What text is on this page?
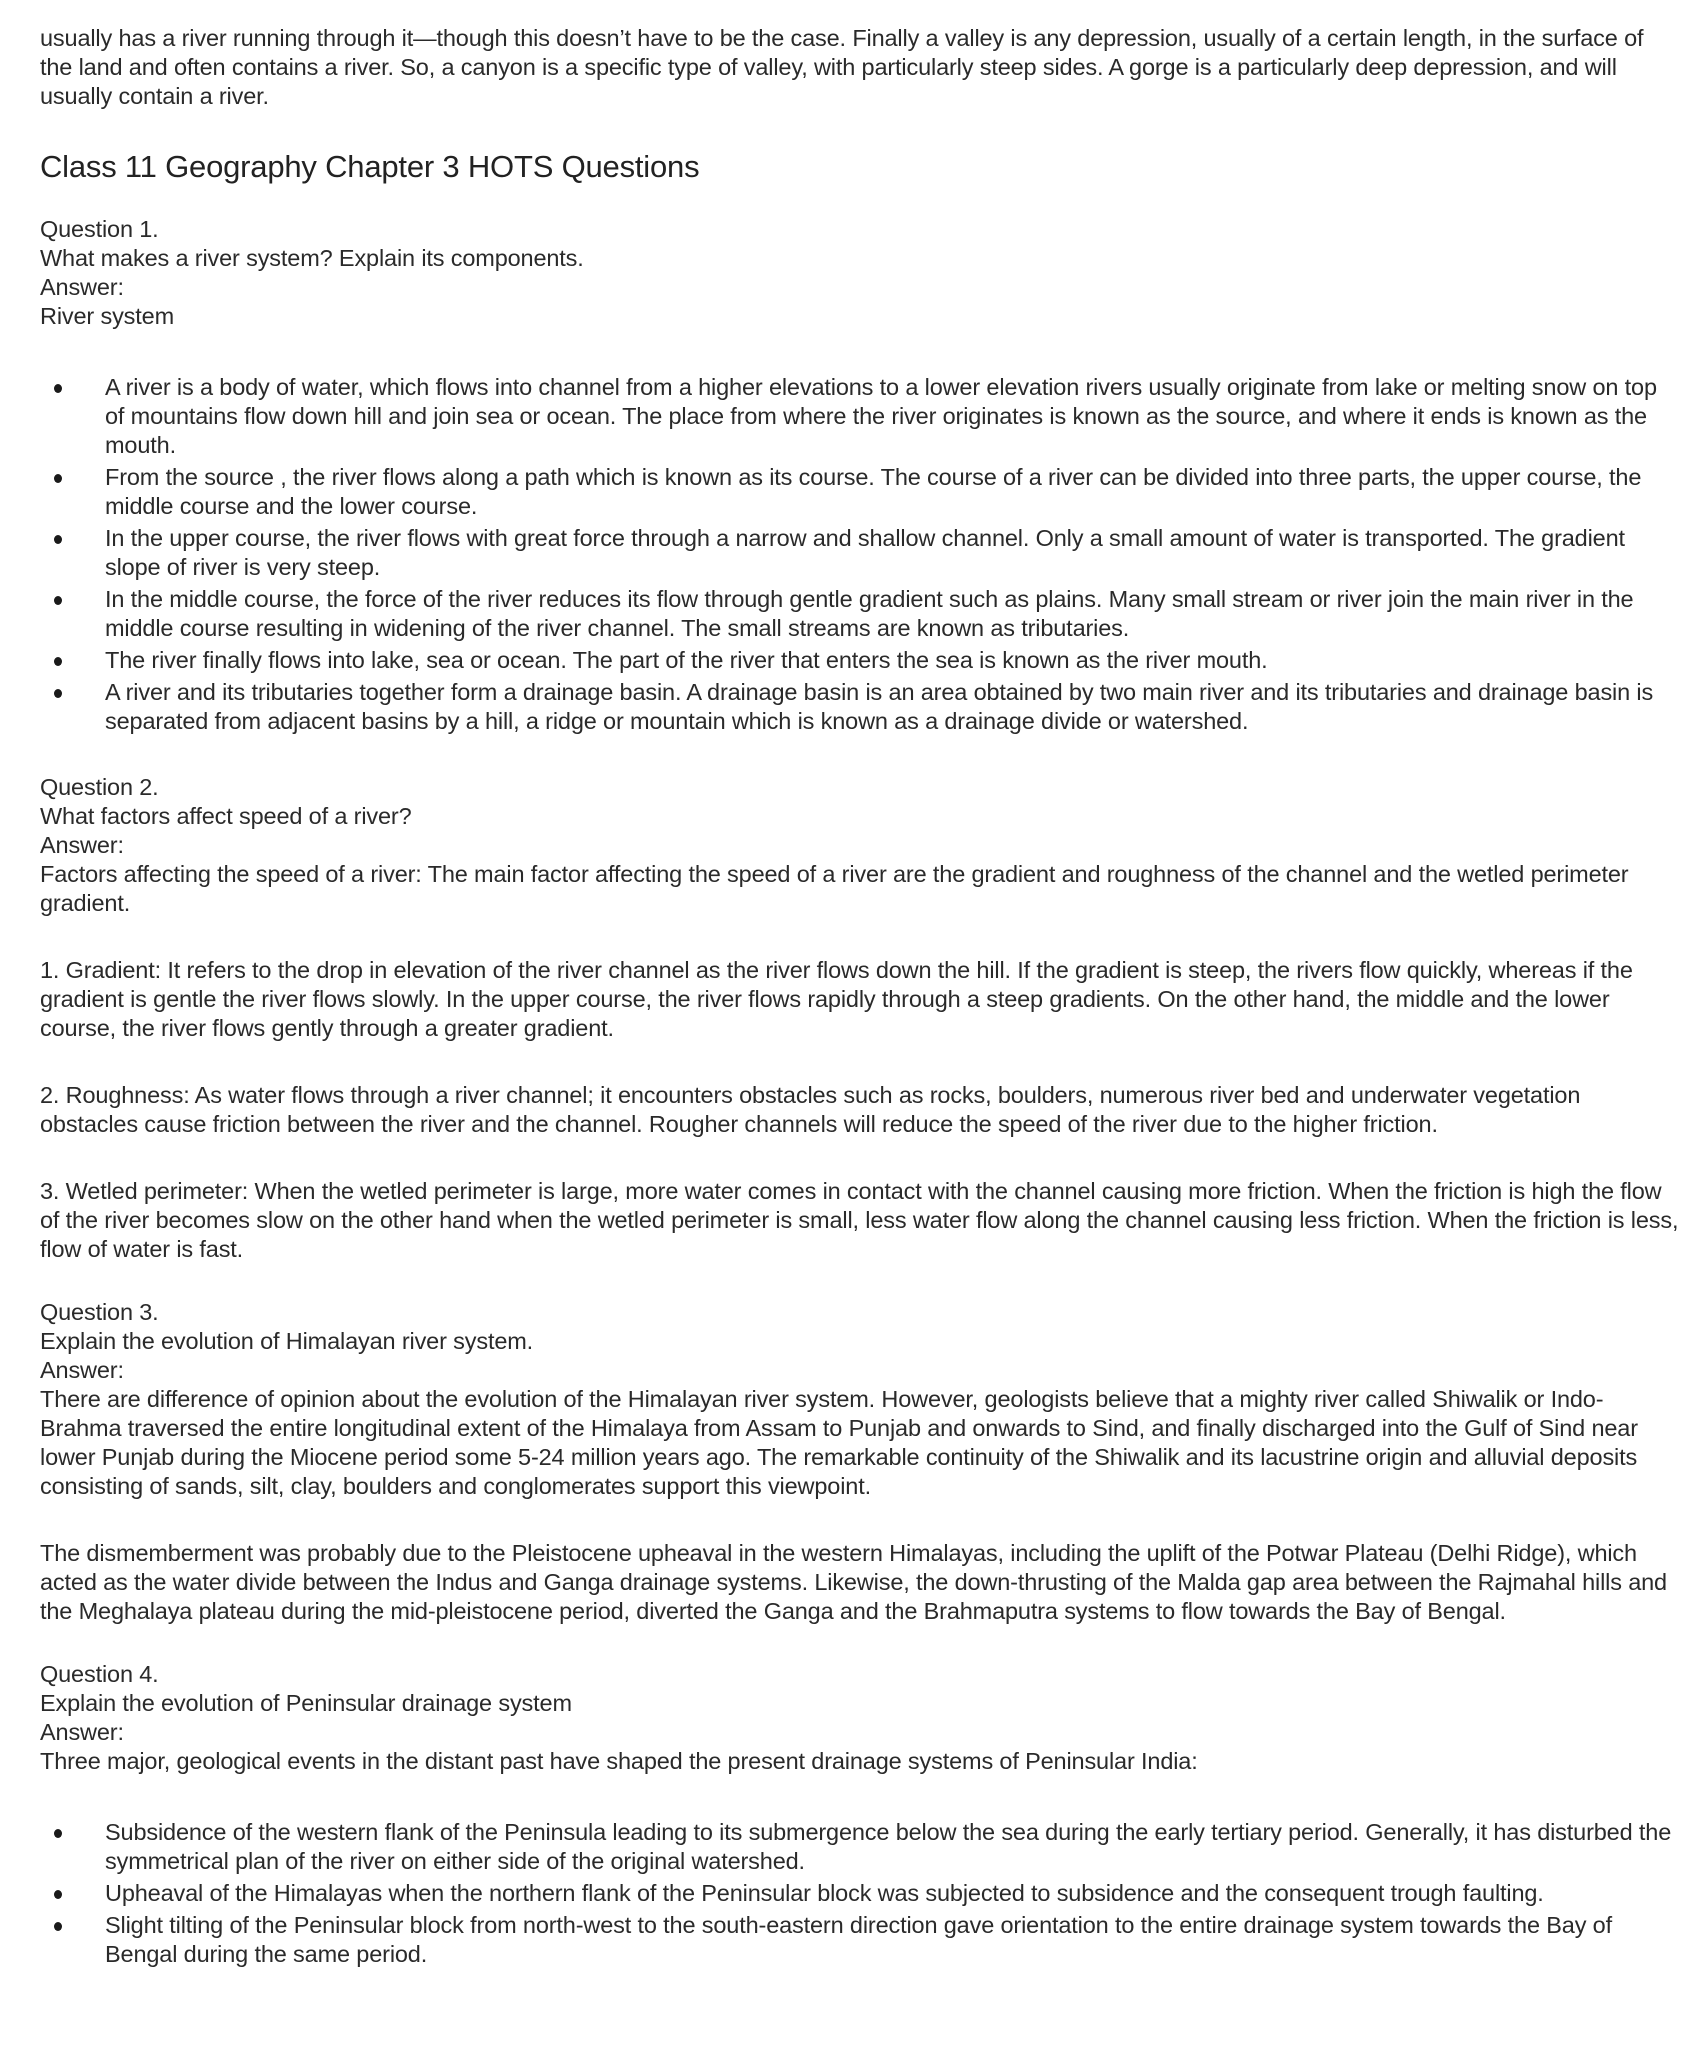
usually has a river running through it—though this doesn’t have to be the case. Finally a valley is any depression, usually of a certain length, in the surface of the land and often contains a river. So, a canyon is a specific type of valley, with particularly steep sides. A gorge is a particularly deep depression, and will usually contain a river.

Class 11 Geography Chapter 3 HOTS Questions

Question 1.

What makes a river system? Explain its components.

Answer:

River system

A river is a body of water, which flows into channel from a higher elevations to a lower elevation rivers usually originate from lake or melting snow on top of mountains flow down hill and join sea or ocean. The place from where the river originates is known as the source, and where it ends is known as the mouth.
From the source , the river flows along a path which is known as its course. The course of a river can be divided into three parts, the upper course, the middle course and the lower course.
In the upper course, the river flows with great force through a narrow and shallow channel. Only a small amount of water is transported. The gradient slope of river is very steep.
In the middle course, the force of the river reduces its flow through gentle gradient such as plains. Many small stream or river join the main river in the middle course resulting in widening of the river channel. The small streams are known as tributaries.
The river finally flows into lake, sea or ocean. The part of the river that enters the sea is known as the river mouth.
A river and its tributaries together form a drainage basin. A drainage basin is an area obtained by two main river and its tributaries and drainage basin is separated from adjacent basins by a hill, a ridge or mountain which is known as a drainage divide or watershed.

Question 2.

What factors affect speed of a river?

Answer:

Factors affecting the speed of a river: The main factor affecting the speed of a river are the gradient and roughness of the channel and the wetled perimeter gradient.

1. Gradient: It refers to the drop in elevation of the river channel as the river flows down the hill. If the gradient is steep, the rivers flow quickly, whereas if the gradient is gentle the river flows slowly. In the upper course, the river flows rapidly through a steep gradients. On the other hand, the middle and the lower course, the river flows gently through a greater gradient.

2. Roughness: As water flows through a river channel; it encounters obstacles such as rocks, boulders, numerous river bed and underwater vegetation obstacles cause friction between the river and the channel. Rougher channels will reduce the speed of the river due to the higher friction.

3. Wetled perimeter: When the wetled perimeter is large, more water comes in contact with the channel causing more friction. When the friction is high the flow of the river becomes slow on the other hand when the wetled perimeter is small, less water flow along the channel causing less friction. When the friction is less, flow of water is fast.

Question 3.

Explain the evolution of Himalayan river system.

Answer:

There are difference of opinion about the evolution of the Himalayan river system. However, geologists believe that a mighty river called Shiwalik or Indo-Brahma traversed the entire longitudinal extent of the Himalaya from Assam to Punjab and onwards to Sind, and finally discharged into the Gulf of Sind near lower Punjab during the Miocene period some 5-24 million years ago. The remarkable continuity of the Shiwalik and its lacustrine origin and alluvial deposits consisting of sands, silt, clay, boulders and conglomerates support this viewpoint.

The dismemberment was probably due to the Pleistocene upheaval in the western Himalayas, including the uplift of the Potwar Plateau (Delhi Ridge), which acted as the water divide between the Indus and Ganga drainage systems. Likewise, the down-thrusting of the Malda gap area between the Rajmahal hills and the Meghalaya plateau during the mid-pleistocene period, diverted the Ganga and the Brahmaputra systems to flow towards the Bay of Bengal.

Question 4.

Explain the evolution of Peninsular drainage system

Answer:

Three major, geological events in the distant past have shaped the present drainage systems of Peninsular India:

Subsidence of the western flank of the Peninsula leading to its submergence below the sea during the early tertiary period. Generally, it has disturbed the symmetrical plan of the river on either side of the original watershed.
Upheaval of the Himalayas when the northern flank of the Peninsular block was subjected to subsidence and the consequent trough faulting.
Slight tilting of the Peninsular block from north-west to the south-eastern direction gave orientation to the entire drainage system towards the Bay of Bengal during the same period.
